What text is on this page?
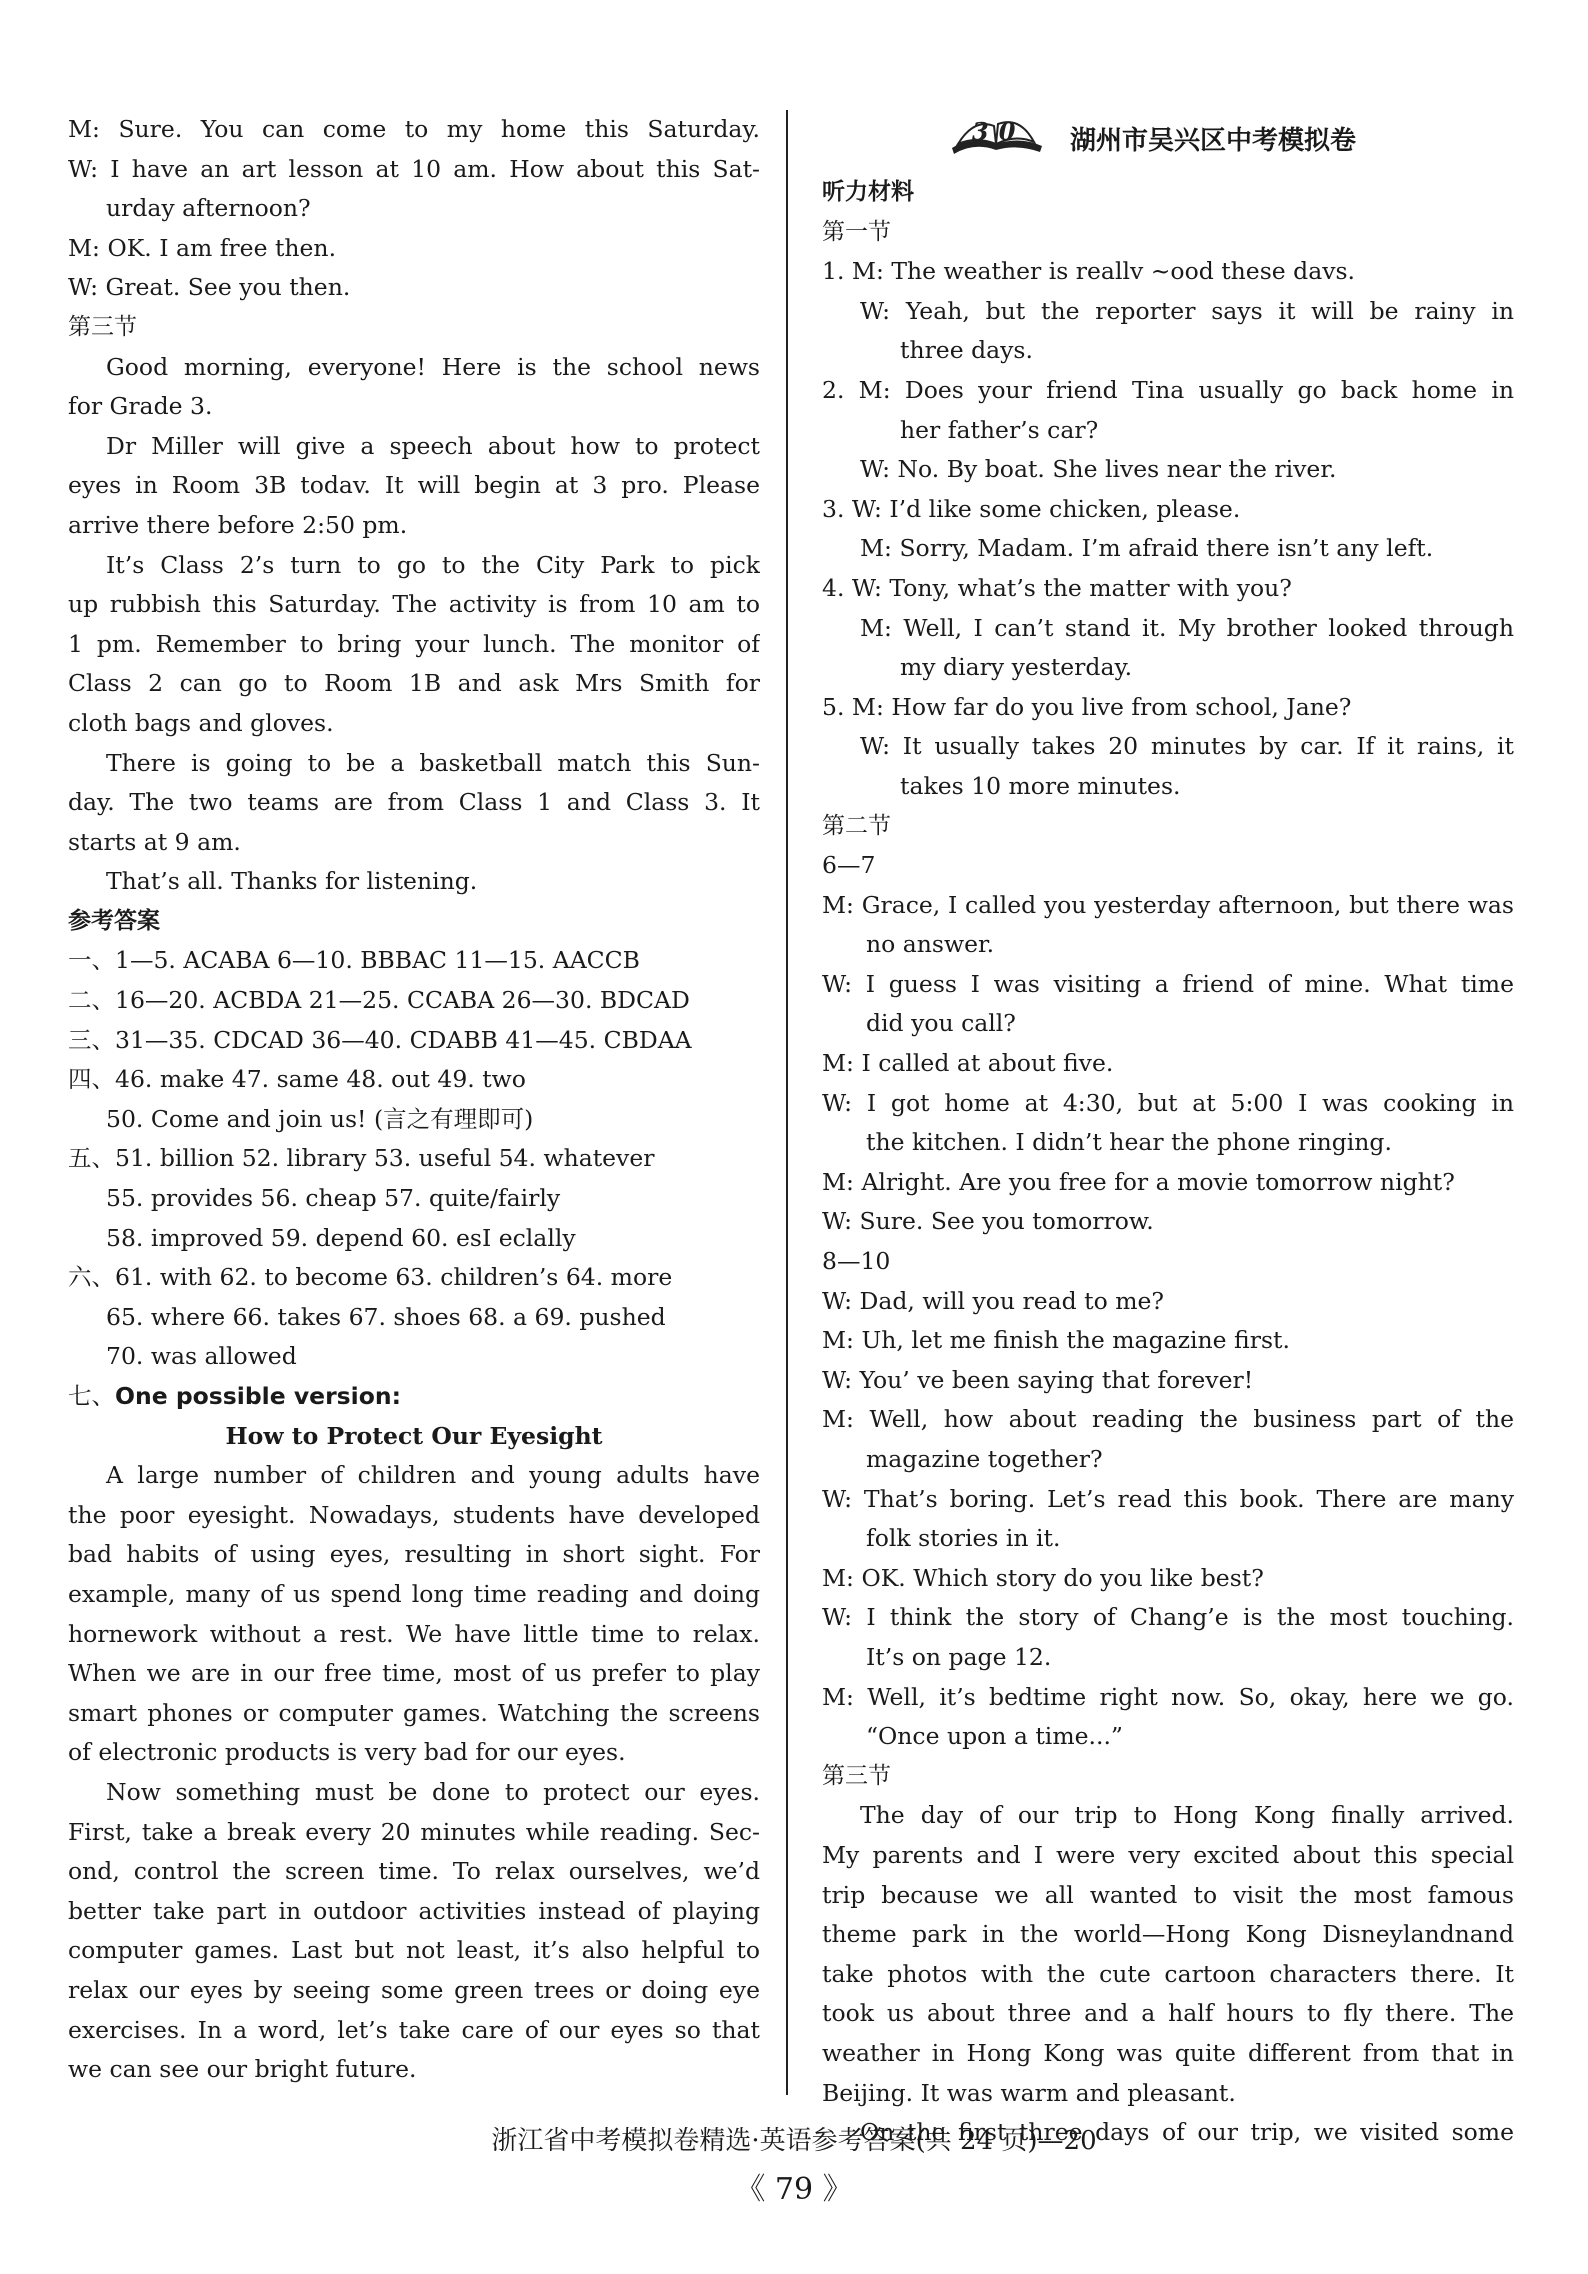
M: Sure. You can come to my home this Saturday.
W: I have an art lesson at 10 am. How about this Sat-
urday afternoon?
M: OK. I am free then.
W: Great. See you then.
第三节
Good morning, everyone! Here is the school news
for Grade 3.
Dr Miller will give a speech about how to protect
eyes in Room 3B todav. It will begin at 3 pro. Please
arrive there before 2:50 pm.
It’s Class 2’s turn to go to the City Park to pick
up rubbish this Saturday. The activity is from 10 am to
1 pm. Remember to bring your lunch. The monitor of
Class 2 can go to Room 1B and ask Mrs Smith for
cloth bags and gloves.
There is going to be a basketball match this Sun-
day. The two teams are from Class 1 and Class 3. It
starts at 9 am.
That’s all. Thanks for listening.
参考答案
一、1—5. ACABA 6—10. BBBAC 11—15. AACCB
二、16—20. ACBDA 21—25. CCABA 26—30. BDCAD
三、31—35. CDCAD 36—40. CDABB 41—45. CBDAA
四、46. make 47. same 48. out 49. two
50. Come and join us! (言之有理即可)
五、51. billion 52. library 53. useful 54. whatever
55. provides 56. cheap 57. quite/fairly
58. improved 59. depend 60. esI eclally
六、61. with 62. to become 63. children’s 64. more
65. where 66. takes 67. shoes 68. a 69. pushed
70. was allowed
七、One possible version:
How to Protect Our Eyesight
A large number of children and young adults have
the poor eyesight. Nowadays, students have developed
bad habits of using eyes, resulting in short sight. For
example, many of us spend long time reading and doing
hornework without a rest. We have little time to relax.
When we are in our free time, most of us prefer to play
smart phones or computer games. Watching the screens
of electronic products is very bad for our eyes.
Now something must be done to protect our eyes.
First, take a break every 20 minutes while reading. Sec-
ond, control the screen time. To relax ourselves, we’d
better take part in outdoor activities instead of playing
computer games. Last but not least, it’s also helpful to
relax our eyes by seeing some green trees or doing eye
exercises. In a word, let’s take care of our eyes so that
we can see our bright future.
30 湖州市吴兴区中考模拟卷
听力材料
第一节
1. M: The weather is reallv ~ood these davs.
W: Yeah, but the reporter says it will be rainy in
three days.
2. M: Does your friend Tina usually go back home in
her father’s car?
W: No. By boat. She lives near the river.
3. W: I’d like some chicken, please.
M: Sorry, Madam. I’m afraid there isn’t any left.
4. W: Tony, what’s the matter with you?
M: Well, I can’t stand it. My brother looked through
my diary yesterday.
5. M: How far do you live from school, Jane?
W: It usually takes 20 minutes by car. If it rains, it
takes 10 more minutes.
第二节
6—7
M: Grace, I called you yesterday afternoon, but there was
no answer.
W: I guess I was visiting a friend of mine. What time
did you call?
M: I called at about five.
W: I got home at 4:30, but at 5:00 I was cooking in
the kitchen. I didn’t hear the phone ringing.
M: Alright. Are you free for a movie tomorrow night?
W: Sure. See you tomorrow.
8—10
W: Dad, will you read to me?
M: Uh, let me finish the magazine first.
W: You’ ve been saying that forever!
M: Well, how about reading the business part of the
magazine together?
W: That’s boring. Let’s read this book. There are many
folk stories in it.
M: OK. Which story do you like best?
W: I think the story of Chang’e is the most touching.
It’s on page 12.
M: Well, it’s bedtime right now. So, okay, here we go.
“Once upon a time...”
第三节
The day of our trip to Hong Kong finally arrived.
My parents and I were very excited about this special
trip because we all wanted to visit the most famous
theme park in the world—Hong Kong Disneylandnand
take photos with the cute cartoon characters there. It
took us about three and a half hours to fly there. The
weather in Hong Kong was quite different from that in
Beijing. It was warm and pleasant.
On the first three days of our trip, we visited some
浙江省中考模拟卷精选·英语参考答案(共 24 页)—20
《 79 》
